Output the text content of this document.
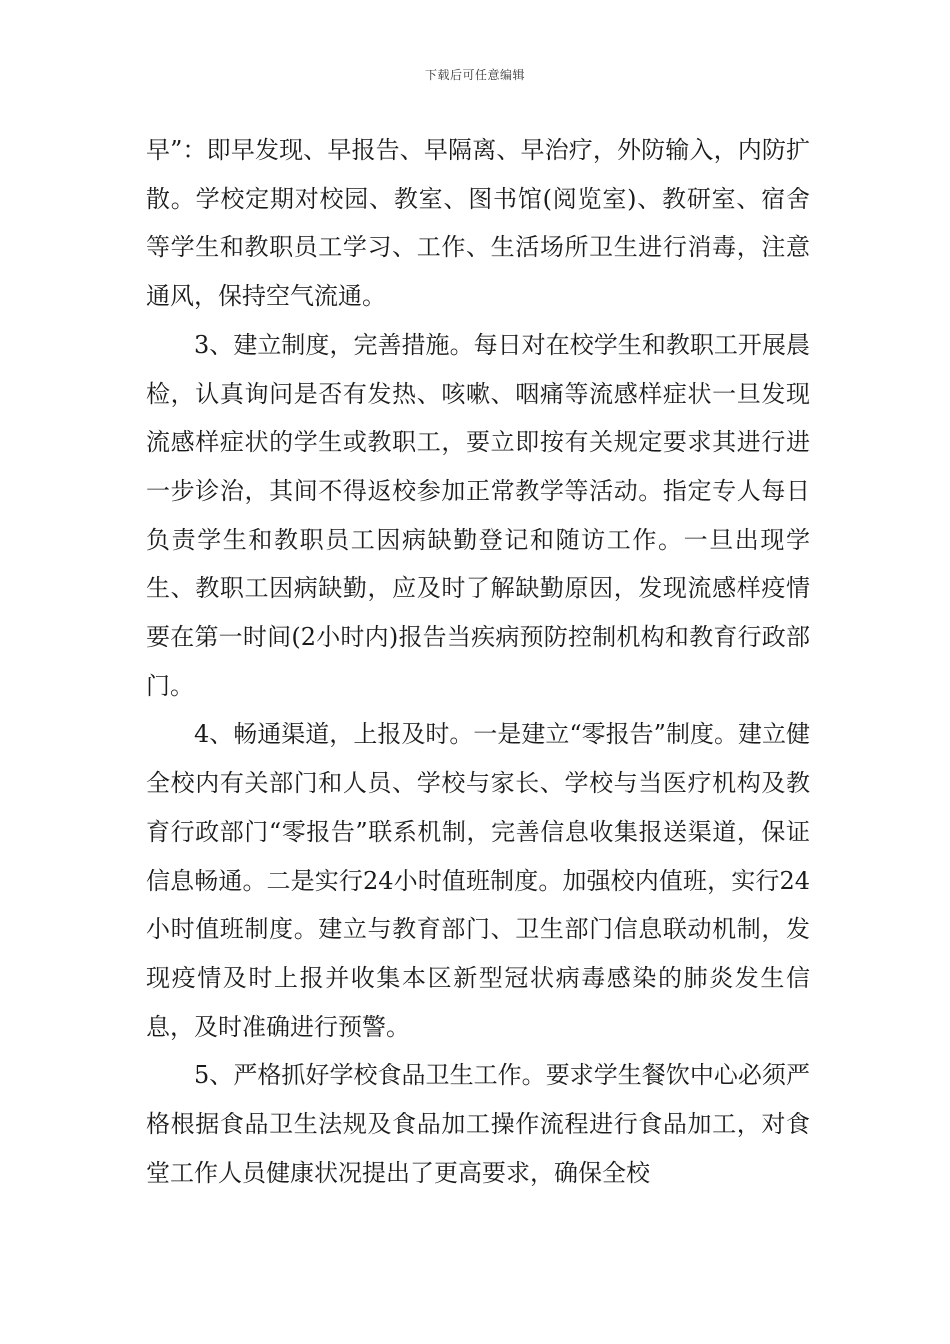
下载后可任意编辑

早”：即早发现、早报告、早隔离、早治疗，外防输入，内防扩散。学校定期对校园、教室、图书馆(阅览室)、教研室、宿舍等学生和教职员工学习、工作、生活场所卫生进行消毒，注意通风，保持空气流通。

3、建立制度，完善措施。每日对在校学生和教职工开展晨检，认真询问是否有发热、咳嗽、咽痛等流感样症状一旦发现流感样症状的学生或教职工，要立即按有关规定要求其进行进一步诊治，其间不得返校参加正常教学等活动。指定专人每日负责学生和教职员工因病缺勤登记和随访工作。一旦出现学生、教职工因病缺勤，应及时了解缺勤原因，发现流感样疫情要在第一时间(2小时内)报告当疾病预防控制机构和教育行政部门。

4、畅通渠道，上报及时。一是建立“零报告”制度。建立健全校内有关部门和人员、学校与家长、学校与当医疗机构及教育行政部门“零报告”联系机制，完善信息收集报送渠道，保证信息畅通。二是实行24小时值班制度。加强校内值班，实行24小时值班制度。建立与教育部门、卫生部门信息联动机制，发现疫情及时上报并收集本区新型冠状病毒感染的肺炎发生信息，及时准确进行预警。

5、严格抓好学校食品卫生工作。要求学生餐饮中心必须严格根据食品卫生法规及食品加工操作流程进行食品加工，对食堂工作人员健康状况提出了更高要求，确保全校
